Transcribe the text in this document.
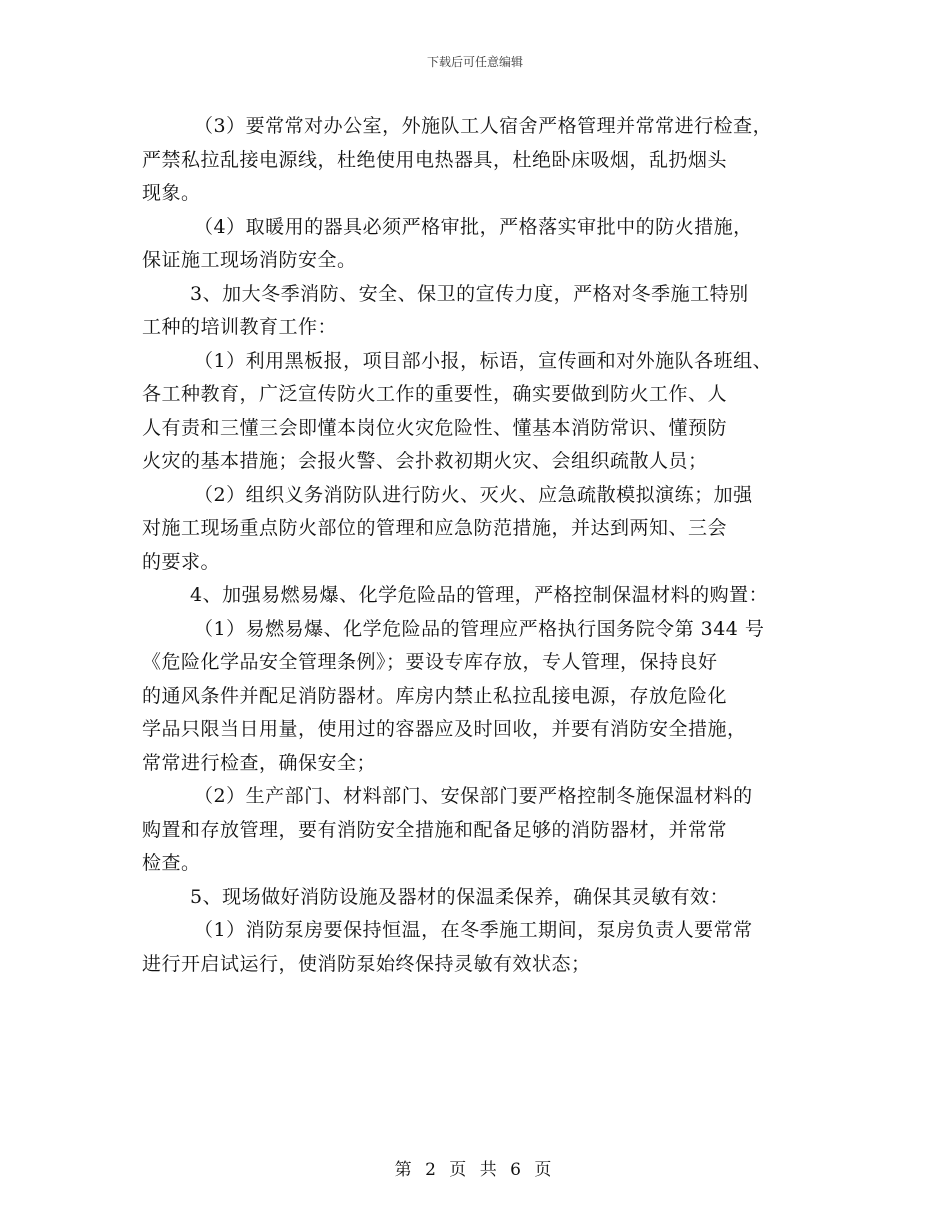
下载后可任意编辑
（3）要常常对办公室，外施队工人宿舍严格管理并常常进行检查，
严禁私拉乱接电源线，杜绝使用电热器具，杜绝卧床吸烟，乱扔烟头
现象。
（4）取暖用的器具必须严格审批，严格落实审批中的防火措施，
保证施工现场消防安全。
3、加大冬季消防、安全、保卫的宣传力度，严格对冬季施工特别
工种的培训教育工作：
（1）利用黑板报，项目部小报，标语，宣传画和对外施队各班组、
各工种教育，广泛宣传防火工作的重要性，确实要做到防火工作、人
人有责和三懂三会即懂本岗位火灾危险性、懂基本消防常识、懂预防
火灾的基本措施；会报火警、会扑救初期火灾、会组织疏散人员；
（2）组织义务消防队进行防火、灭火、应急疏散模拟演练；加强
对施工现场重点防火部位的管理和应急防范措施，并达到两知、三会
的要求。
4、加强易燃易爆、化学危险品的管理，严格控制保温材料的购置：
（1）易燃易爆、化学危险品的管理应严格执行国务院令第 344 号
《危险化学品安全管理条例》；要设专库存放，专人管理，保持良好
的通风条件并配足消防器材。库房内禁止私拉乱接电源，存放危险化
学品只限当日用量，使用过的容器应及时回收，并要有消防安全措施，
常常进行检查，确保安全；
（2）生产部门、材料部门、安保部门要严格控制冬施保温材料的
购置和存放管理，要有消防安全措施和配备足够的消防器材，并常常
检查。
5、现场做好消防设施及器材的保温柔保养，确保其灵敏有效：
（1）消防泵房要保持恒温，在冬季施工期间，泵房负责人要常常
进行开启试运行，使消防泵始终保持灵敏有效状态；
第 2 页 共 6 页
